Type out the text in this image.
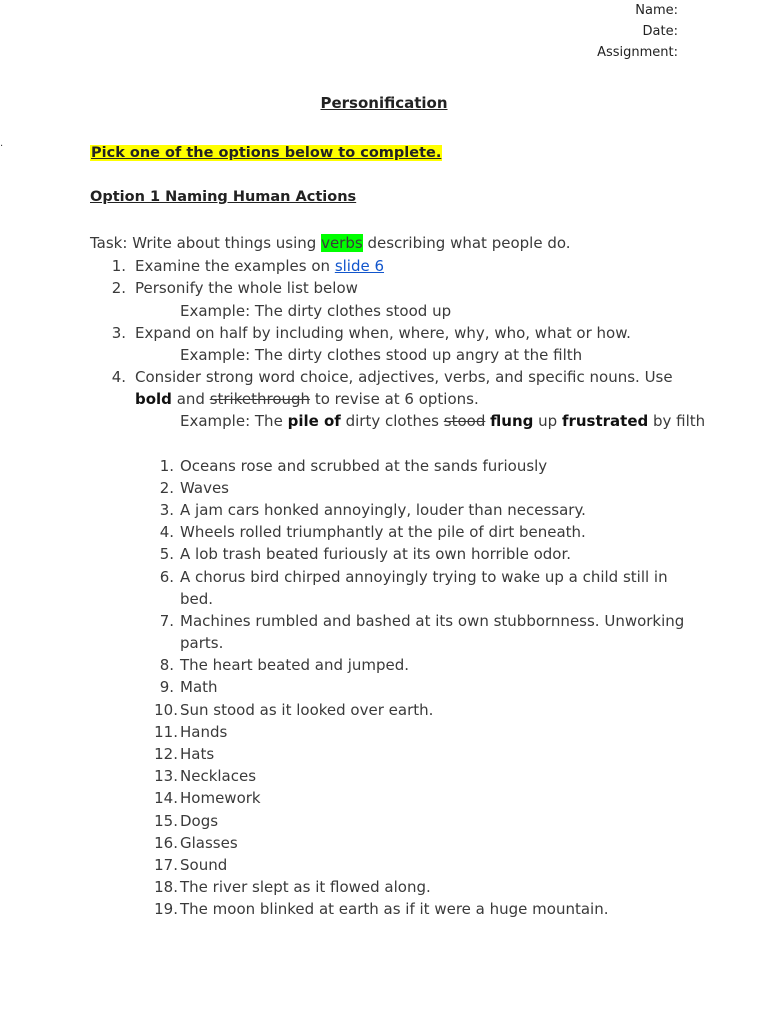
.
Name:
Date:
Assignment:
Personification
Pick one of the options below to complete.
Option 1 Naming Human Actions
Task: Write about things using verbs describing what people do.
1. Examine the examples on slide 6
2. Personify the whole list below
Example: The dirty clothes stood up
3. Expand on half by including when, where, why, who, what or how.
Example: The dirty clothes stood up angry at the filth
4. Consider strong word choice, adjectives, verbs, and specific nouns. Use
bold and strikethrough to revise at 6 options.
Example: The pile of dirty clothes stood flung up frustrated by filth
1. Oceans rose and scrubbed at the sands furiously
2. Waves
3. A jam cars honked annoyingly, louder than necessary.
4. Wheels rolled triumphantly at the pile of dirt beneath.
5. A lob trash beated furiously at its own horrible odor.
6. A chorus bird chirped annoyingly trying to wake up a child still in
bed.
7. Machines rumbled and bashed at its own stubbornness. Unworking
parts.
8. The heart beated and jumped.
9. Math
10. Sun stood as it looked over earth.
11. Hands
12. Hats
13. Necklaces
14. Homework
15. Dogs
16. Glasses
17. Sound
18. The river slept as it flowed along.
19. The moon blinked at earth as if it were a huge mountain.
